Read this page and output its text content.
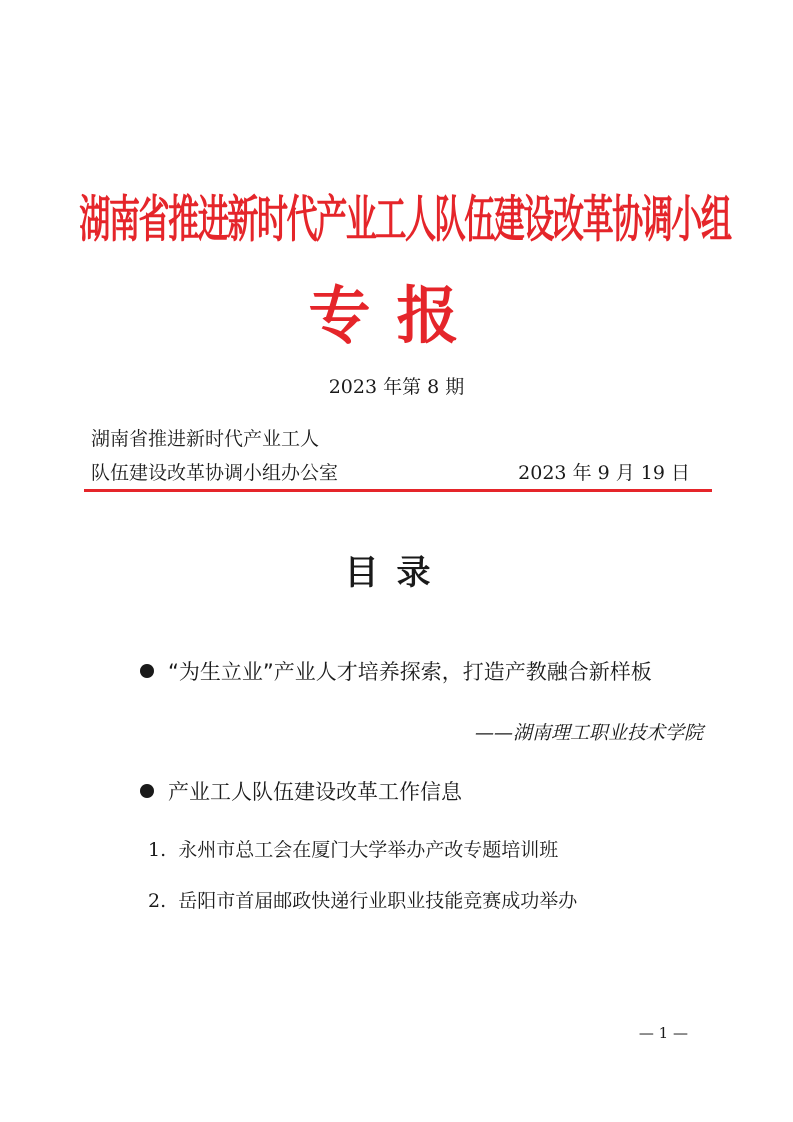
湖南省推进新时代产业工人队伍建设改革协调小组
专报
2023 年第 8 期
湖南省推进新时代产业工人
队伍建设改革协调小组办公室	2023 年 9 月 19 日
目录
“为生立业”产业人才培养探索，打造产教融合新样板
——湖南理工职业技术学院
产业工人队伍建设改革工作信息
1. 永州市总工会在厦门大学举办产改专题培训班
2. 岳阳市首届邮政快递行业职业技能竞赛成功举办
— 1 —
